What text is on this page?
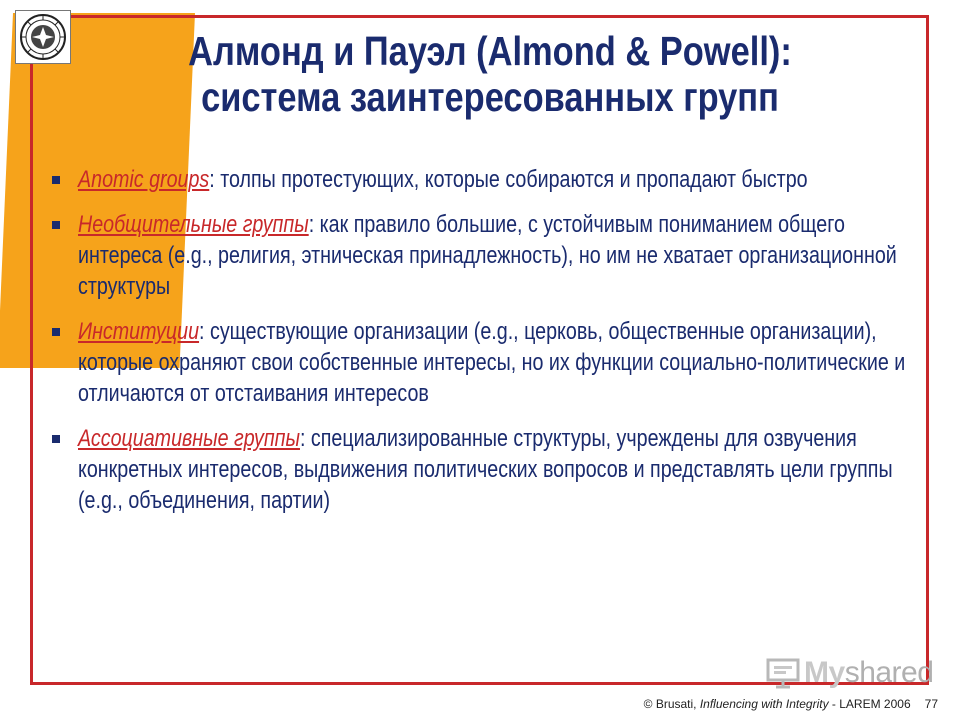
Алмонд и Пауэл (Almond & Powell):
система заинтересованных групп
Anomic groups: толпы протестующих, которые собираются и пропадают быстро
Необщительные группы: как правило большие, с устойчивым пониманием общего интереса (e.g., религия, этническая принадлежность), но им не хватает организационной структуры
Институции: существующие организации (e.g., церковь, общественные организации), которые охраняют свои собственные интересы, но их функции социально-политические и отличаются от отстаивания интересов
Ассоциативные группы: специализированные структуры, учреждены для озвучения конкретных интересов, выдвижения политических вопросов и представлять цели группы (e.g., объединения, партии)
Myshared
© Brusati, Influencing with Integrity - LAREM 2006 77
